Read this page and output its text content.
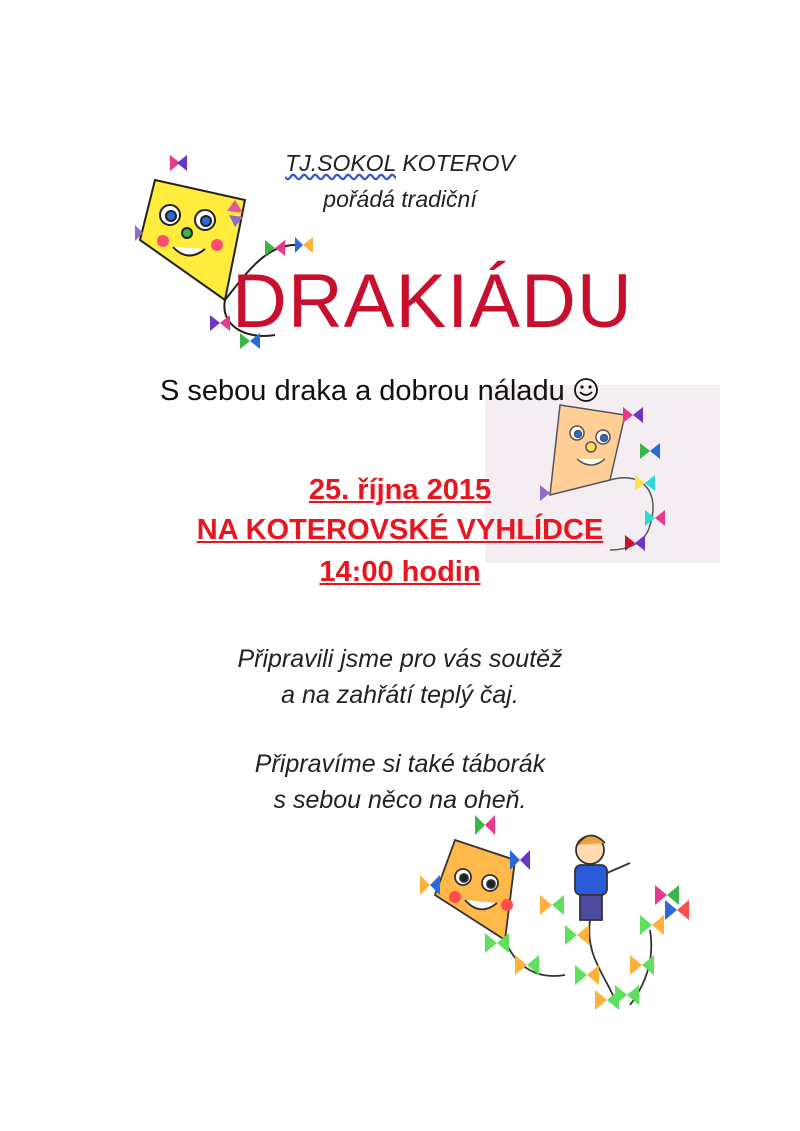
TJ.SOKOL KOTEROV
pořádá tradiční
DRAKIÁDU
S sebou draka a dobrou náladu
25. října 2015
NA KOTEROVSKÉ VYHLÍDCE
14:00 hodin
Připravili jsme pro vás soutěž
a na zahřátí teplý čaj.
Připravíme si také táborák
s sebou něco na oheň.
